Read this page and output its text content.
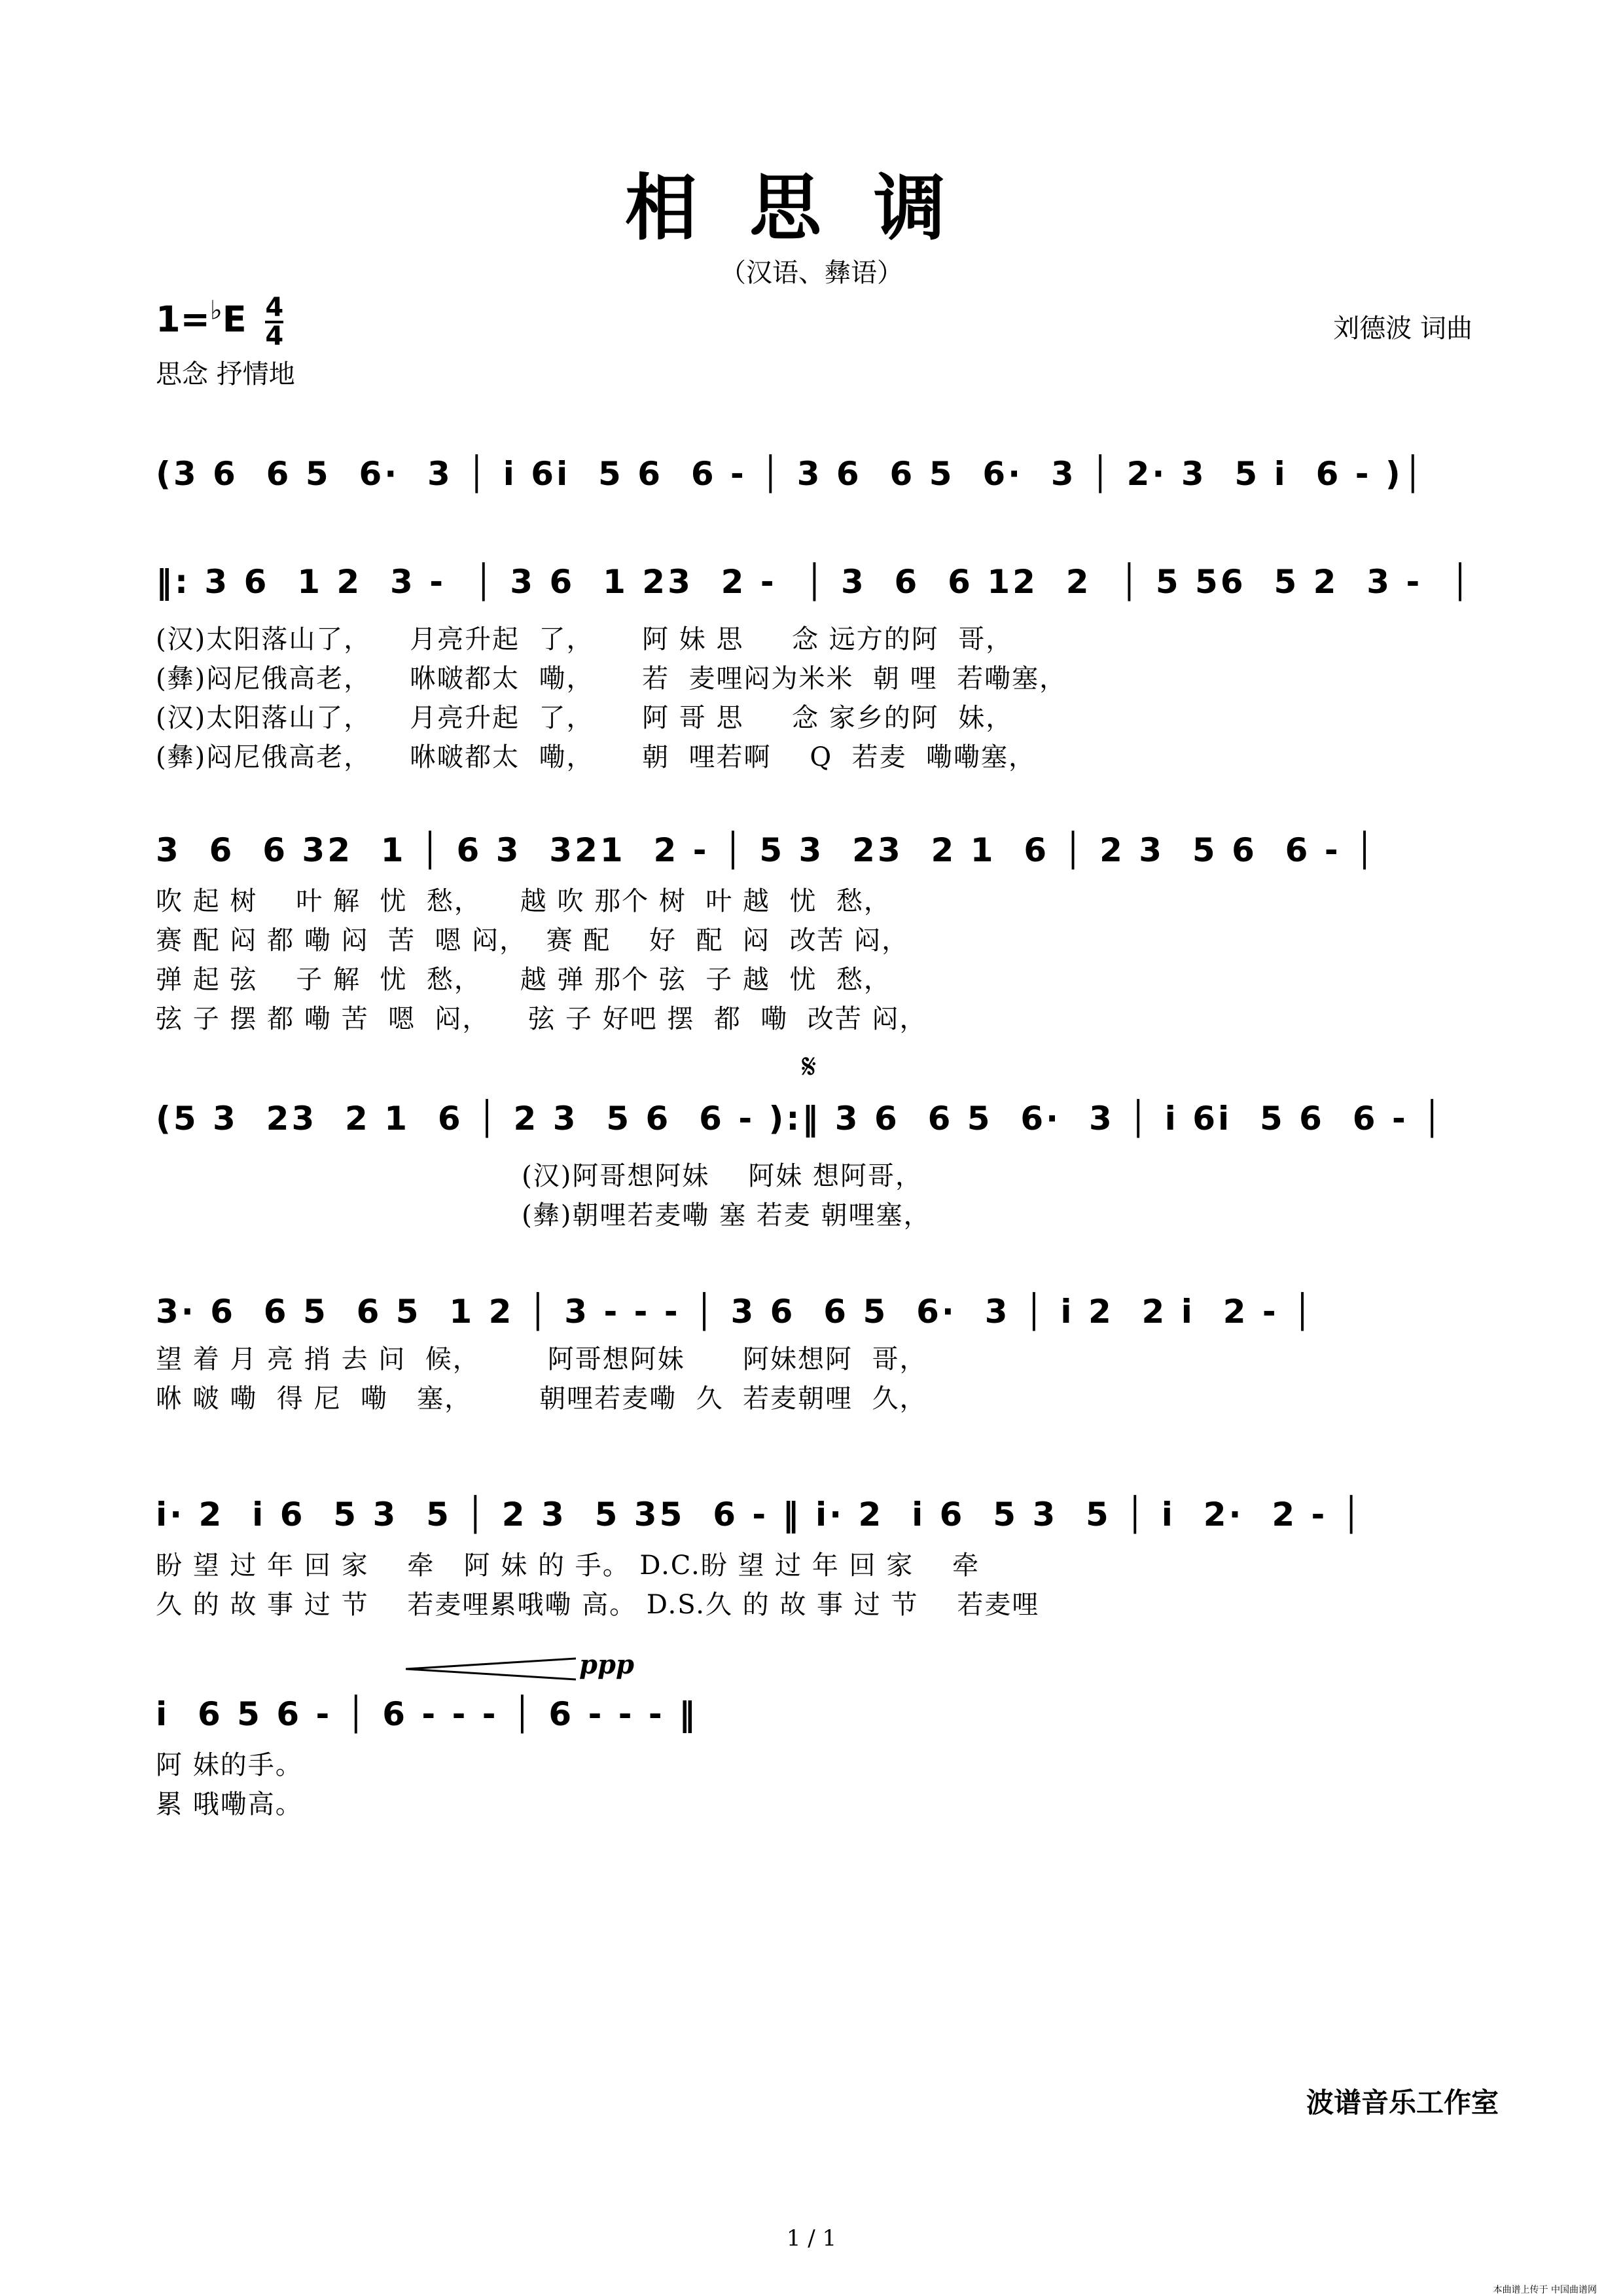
相思调
（汉语、彝语）
$1=^♭E \frac{4}{4}$
思念 抒情地
刘德波 词曲
(3 6  6 5  6·  3 │ i 6i  5 6  6 - │ 3 6  6 5  6·  3 │ 2· 3  5 i  6 - )│
‖: 3 6  1 2  3 -  │ 3 6  1 23  2 -  │ 3  6  6 12  2  │ 5 56  5 2  3 -  │
(汉)太阳落山了，    月亮升起  了，     阿 妹 思     念 远方的阿  哥，
(彝)闷尼俄高老，    咻啵都太  嘞，     若  麦哩闷为米米  朝 哩  若嘞塞，
(汉)太阳落山了，    月亮升起  了，     阿 哥 思     念 家乡的阿  妹，
(彝)闷尼俄高老，    咻啵都太  嘞，     朝  哩若啊    Q  若麦  嘞嘞塞，
3  6  6 32  1 │ 6 3  321  2 - │ 5 3  23  2 1  6 │ 2 3  5 6  6 - │
吹 起 树    叶 解  忧  愁，    越 吹 那个 树  叶 越  忧  愁，
赛 配 闷 都 嘞 闷  苦  嗯 闷，  赛 配    好  配  闷  改苦 闷，
弹 起 弦    子 解  忧  愁，    越 弹 那个 弦  子 越  忧  愁，
弦 子 摆 都 嘞 苦  嗯  闷，    弦 子 好吧 摆  都  嘞  改苦 闷，
𝄋
(5 3  23  2 1  6 │ 2 3  5 6  6 - ):‖ 3 6  6 5  6·  3 │ i 6i  5 6  6 - │
(汉)阿哥想阿妹    阿妹 想阿哥，
(彝)朝哩若麦嘞 塞 若麦 朝哩塞，
3· 6  6 5  6 5  1 2 │ 3 - - - │ 3 6  6 5  6·  3 │ i 2  2 i  2 - │
望 着 月 亮 捎 去 问  候，       阿哥想阿妹      阿妹想阿  哥，
咻 啵 嘞  得 尼  嘞   塞，       朝哩若麦嘞  久  若麦朝哩  久，
i· 2  i 6  5 3  5 │ 2 3  5 35  6 - ‖ i· 2  i 6  5 3  5 │ i  2·  2 - │
盼 望 过 年 回 家    牵   阿 妹 的 手。 D.C.盼 望 过 年 回 家    牵
久 的 故 事 过 节    若麦哩累哦嘞 高。 D.S.久 的 故 事 过 节    若麦哩
ppp
i  6 5 6 - │ 6 - - - │ 6 - - - ‖
阿 妹的手。
累 哦嘞高。
波谱音乐工作室
1 / 1
本曲谱上传于 中国曲谱网
